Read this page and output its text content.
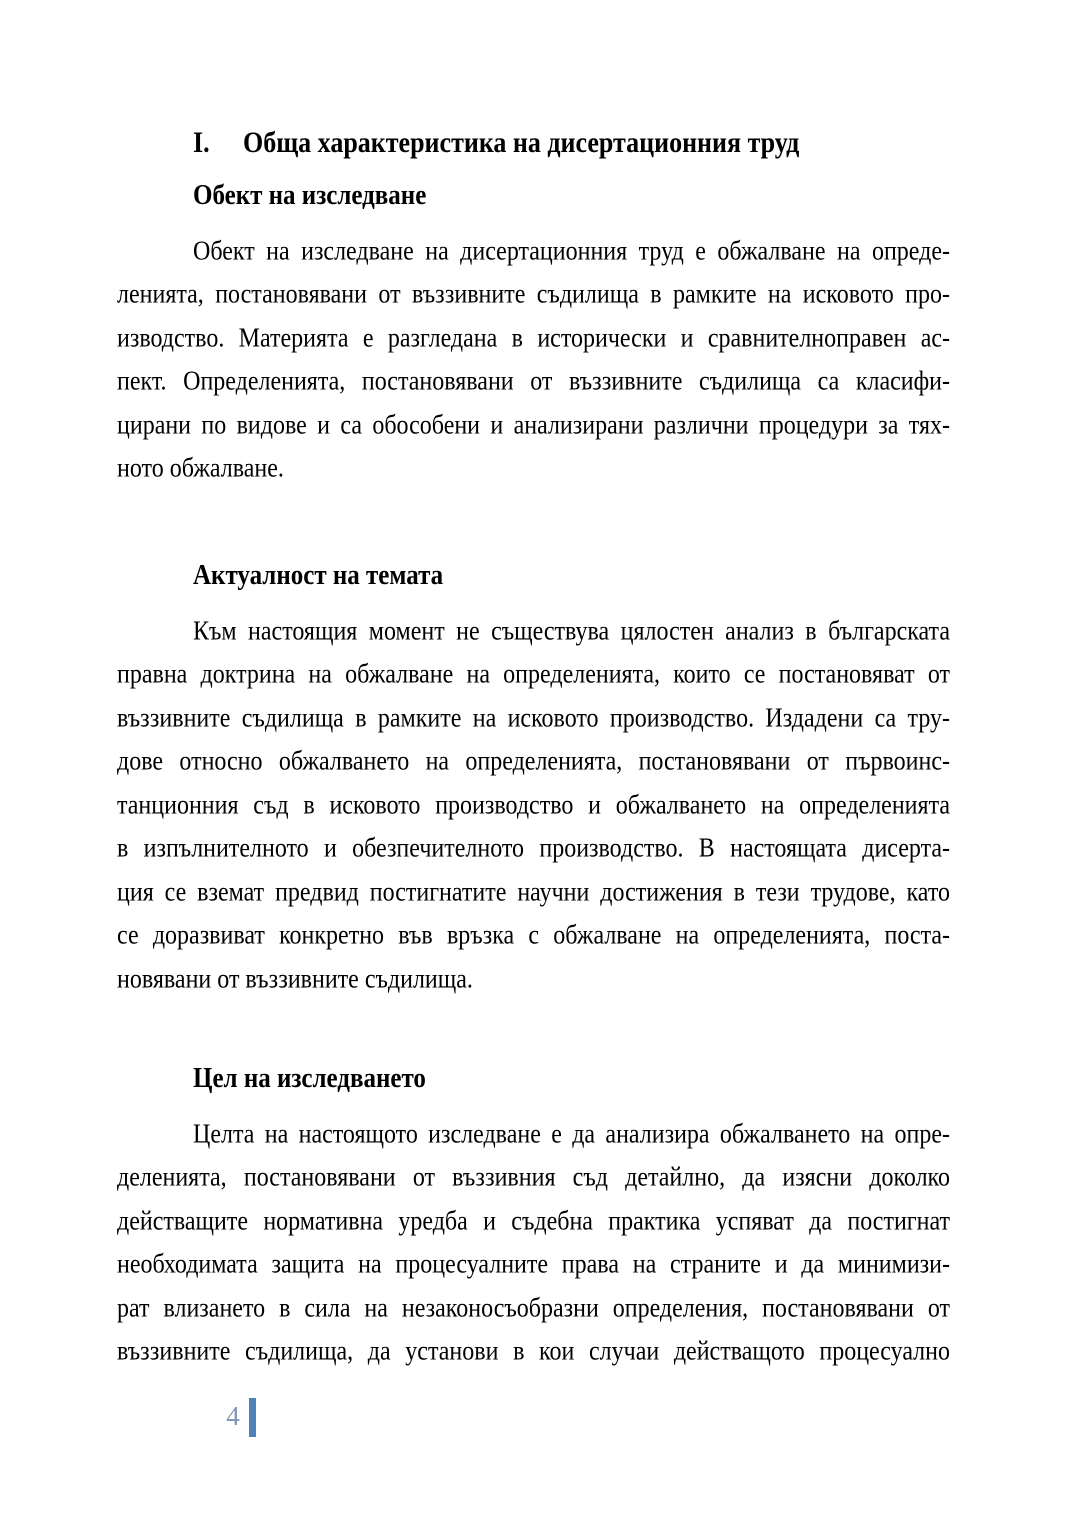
I. Обща характеристика на дисертационния труд
Обект на изследване
Обект на изследване на дисертационния труд е обжалване на опреде-
ленията, постановявани от въззивните съдилища в рамките на исковото про-
изводство. Материята е разгледана в исторически и сравнителноправен ас-
пект. Определенията, постановявани от въззивните съдилища са класифи-
цирани по видове и са обособени и анализирани различни процедури за тях-
ното обжалване.
Актуалност на темата
Към настоящия момент не съществува цялостен анализ в българската
правна доктрина на обжалване на определенията, които се постановяват от
въззивните съдилища в рамките на исковото производство. Издадени са тру-
дове относно обжалването на определенията, постановявани от първоинс-
танционния съд в исковото производство и обжалването на определенията
в изпълнителното и обезпечителното производство. В настоящата дисерта-
ция се вземат предвид постигнатите научни достижения в тези трудове, като
се доразвиват конкретно във връзка с обжалване на определенията, поста-
новявани от въззивните съдилища.
Цел на изследването
Целта на настоящото изследване е да анализира обжалването на опре-
деленията, постановявани от въззивния съд детайлно, да изясни доколко
действащите нормативна уредба и съдебна практика успяват да постигнат
необходимата защита на процесуалните права на страните и да минимизи-
рат влизането в сила на незаконосъобразни определения, постановявани от
въззивните съдилища, да установи в кои случаи действащото процесуално
4
